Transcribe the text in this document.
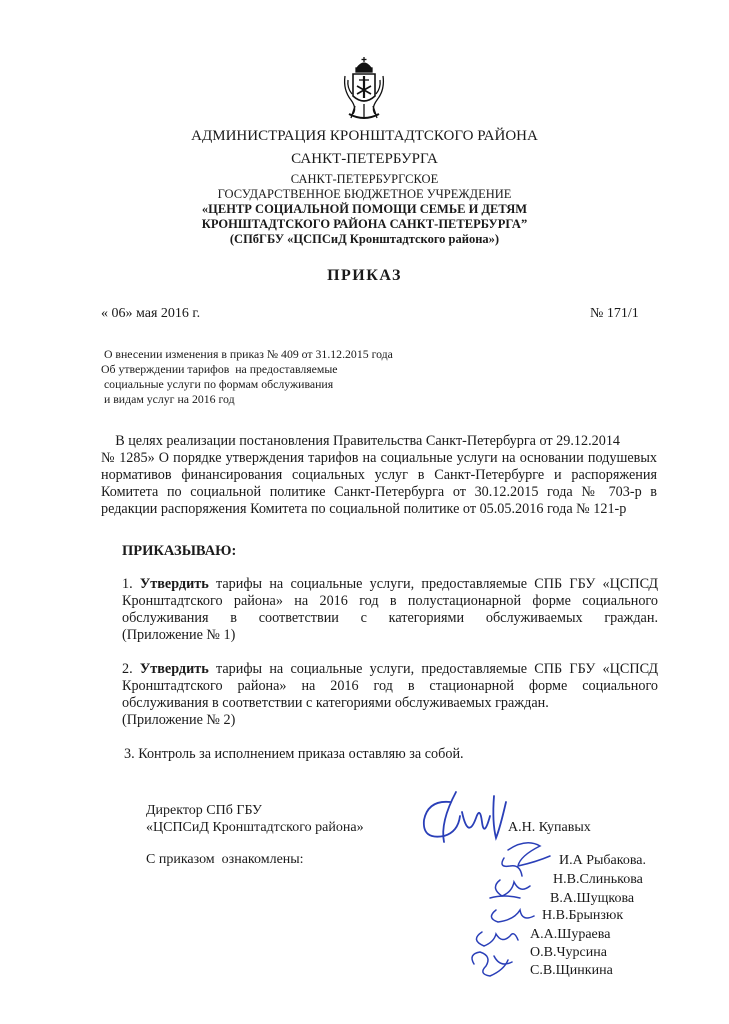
АДМИНИСТРАЦИЯ КРОНШТАДТСКОГО РАЙОНА
САНКТ-ПЕТЕРБУРГА
САНКТ-ПЕТЕРБУРГСКОЕ
ГОСУДАРСТВЕННОЕ БЮДЖЕТНОЕ УЧРЕЖДЕНИЕ
«ЦЕНТР СОЦИАЛЬНОЙ ПОМОЩИ СЕМЬЕ И ДЕТЯМ
КРОНШТАДТСКОГО РАЙОНА САНКТ-ПЕТЕРБУРГА”
(СПбГБУ «ЦСПСиД Кронштадтского района»)
ПРИКАЗ
« 06» мая 2016 г.	№ 171/1
О внесении изменения в приказ № 409 от 31.12.2015 года
Об утверждении тарифов  на предоставляемые
социальные услуги по формам обслуживания
и видам услуг на 2016 год
В целях реализации постановления Правительства Санкт-Петербурга от 29.12.2014
№ 1285» О порядке утверждения тарифов на социальные услуги на основании подушевых
нормативов финансирования социальных услуг в Санкт-Петербурге и распоряжения
Комитета по социальной политике Санкт-Петербурга от 30.12.2015 года № 703-р в
редакции распоряжения Комитета по социальной политике от 05.05.2016 года № 121-р
ПРИКАЗЫВАЮ:
1. Утвердить тарифы на социальные услуги, предоставляемые СПБ ГБУ «ЦСПСД
Кронштадтского района» на 2016 год в полустационарной форме социального
обслуживания в соответствии с категориями обслуживаемых граждан.
(Приложение № 1)
2. Утвердить тарифы на социальные услуги, предоставляемые СПБ ГБУ «ЦСПСД
Кронштадтского района» на 2016 год в стационарной форме социального
обслуживания в соответствии с категориями обслуживаемых граждан.
(Приложение № 2)
3. Контроль за исполнением приказа оставляю за собой.
Директор СПб ГБУ
«ЦСПСиД Кронштадтского района»	А.Н. Купавых
С приказом  ознакомлены:	И.А Рыбакова.
Н.В.Слинькова
В.А.Шущкова
Н.В.Брынзюк
А.А.Шураева
О.В.Чурсина
С.В.Щинкина
